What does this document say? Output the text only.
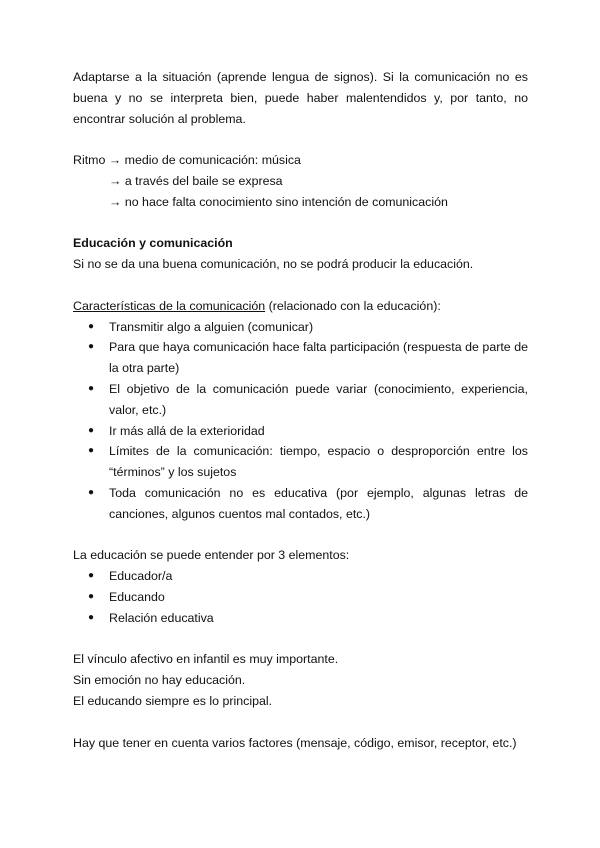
Adaptarse a la situación (aprende lengua de signos). Si la comunicación no es buena y no se interpreta bien, puede haber malentendidos y, por tanto, no encontrar solución al problema.

Ritmo → medio de comunicación: música

→ a través del baile se expresa

→ no hace falta conocimiento sino intención de comunicación

Educación y comunicación

Si no se da una buena comunicación, no se podrá producir la educación.

Características de la comunicación (relacionado con la educación):

● Transmitir algo a alguien (comunicar)
● Para que haya comunicación hace falta participación (respuesta de parte de la otra parte)
● El objetivo de la comunicación puede variar (conocimiento, experiencia, valor, etc.)
● Ir más allá de la exterioridad
● Límites de la comunicación: tiempo, espacio o desproporción entre los “términos” y los sujetos
● Toda comunicación no es educativa (por ejemplo, algunas letras de canciones, algunos cuentos mal contados, etc.)

La educación se puede entender por 3 elementos:

● Educador/a
● Educando
● Relación educativa

El vínculo afectivo en infantil es muy importante.

Sin emoción no hay educación.

El educando siempre es lo principal.

Hay que tener en cuenta varios factores (mensaje, código, emisor, receptor, etc.)
